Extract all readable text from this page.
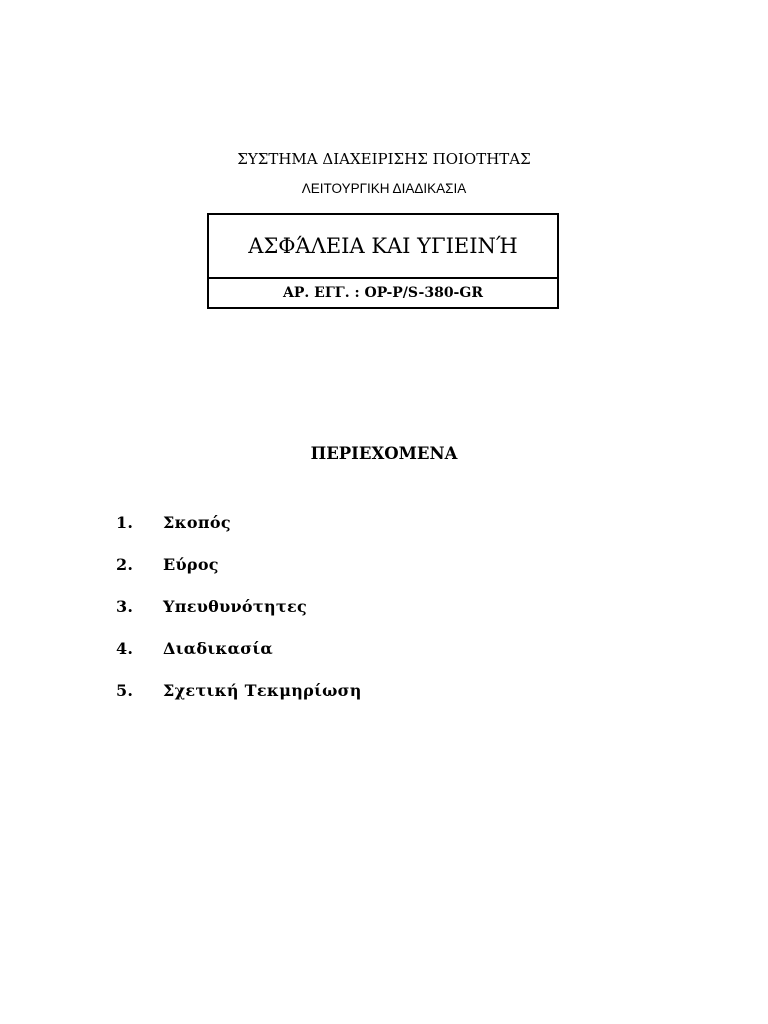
ΣΥΣΤΗΜΑ ΔΙΑΧΕΙΡΙΣΗΣ ΠΟΙΟΤΗΤΑΣ
ΛΕΙΤΟΥΡΓΙΚΗ ΔΙΑΔΙΚΑΣΙΑ
ΑΣΦΆΛΕΙΑ ΚΑΙ ΥΓΙΕΙΝΉ
ΑΡ. ΕΓΓ. : OP-P/S-380-GR
ΠΕΡΙΕΧΟΜΕΝΑ
1.	Σκοπός
2.	Εύρος
3.	Υπευθυνότητες
4.	Διαδικασία
5.	Σχετική Τεκμηρίωση
